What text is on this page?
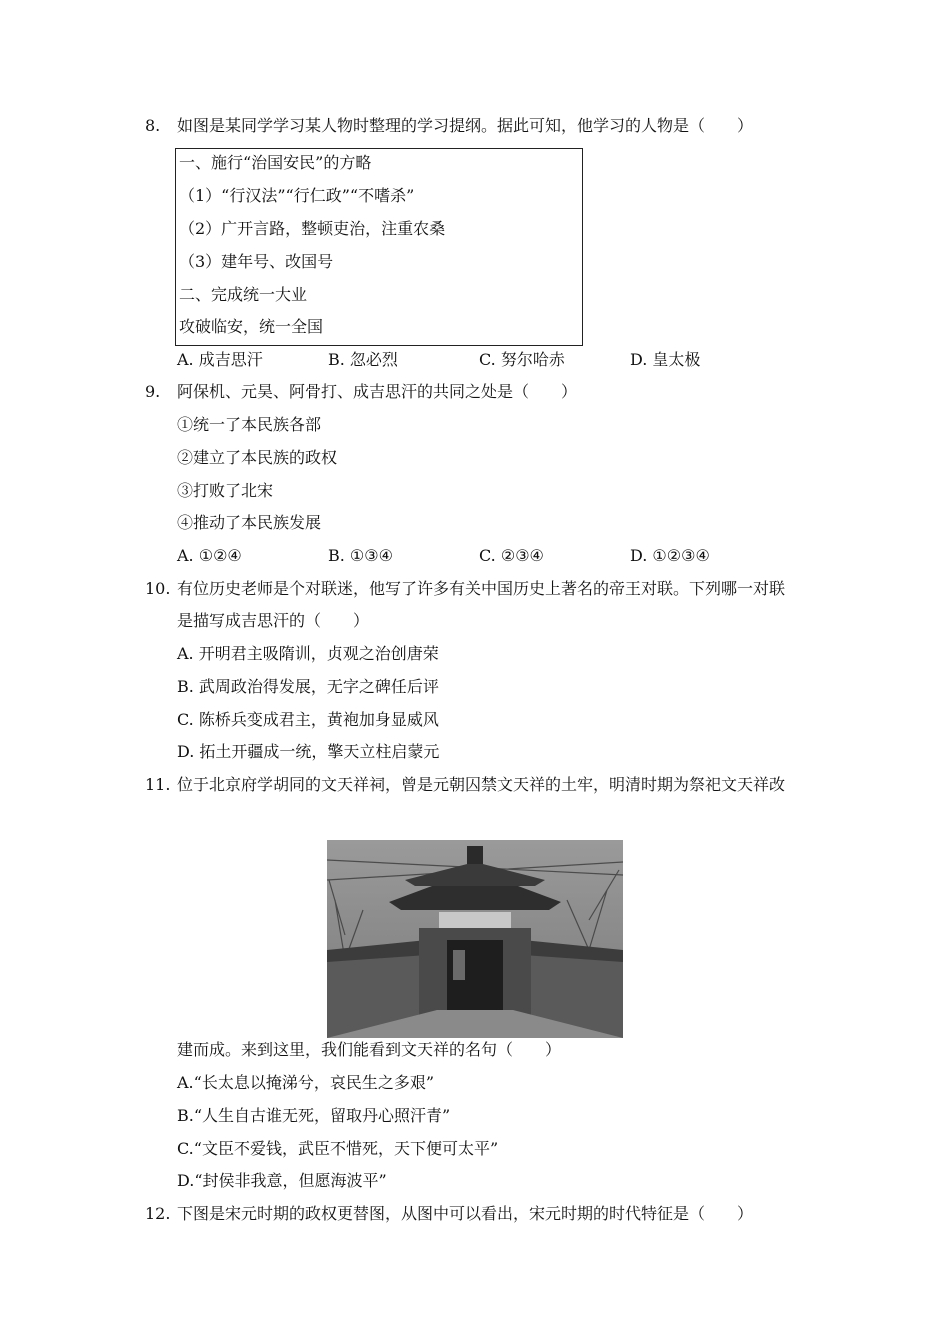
8.	如图是某同学学习某人物时整理的学习提纲。据此可知，他学习的人物是（　　）
一、施行“治国安民”的方略
（1）“行汉法”“行仁政”“不嗜杀”
（2）广开言路，整顿吏治，注重农桑
（3）建年号、改国号
二、完成统一大业
攻破临安，统一全国
A. 成吉思汗	B. 忽必烈	C. 努尔哈赤	D. 皇太极
9.	阿保机、元昊、阿骨打、成吉思汗的共同之处是（　　）
①统一了本民族各部
②建立了本民族的政权
③打败了北宋
④推动了本民族发展
A. ①②④	B. ①③④	C. ②③④	D. ①②③④
10. 有位历史老师是个对联迷，他写了许多有关中国历史上著名的帝王对联。下列哪一对联
是描写成吉思汗的（　　）
A. 开明君主吸隋训，贞观之治创唐荣
B. 武周政治得发展，无字之碑任后评
C. 陈桥兵变成君主，黄袍加身显威风
D. 拓土开疆成一统，擎天立柱启蒙元
11. 位于北京府学胡同的文天祥祠，曾是元朝囚禁文天祥的土牢，明清时期为祭祀文天祥改
建而成。来到这里，我们能看到文天祥的名句（　　）
A.“长太息以掩涕兮，哀民生之多艰”
B.“人生自古谁无死，留取丹心照汗青”
C.“文臣不爱钱，武臣不惜死，天下便可太平”
D.“封侯非我意，但愿海波平”
12. 下图是宋元时期的政权更替图，从图中可以看出，宋元时期的时代特征是（　　）
